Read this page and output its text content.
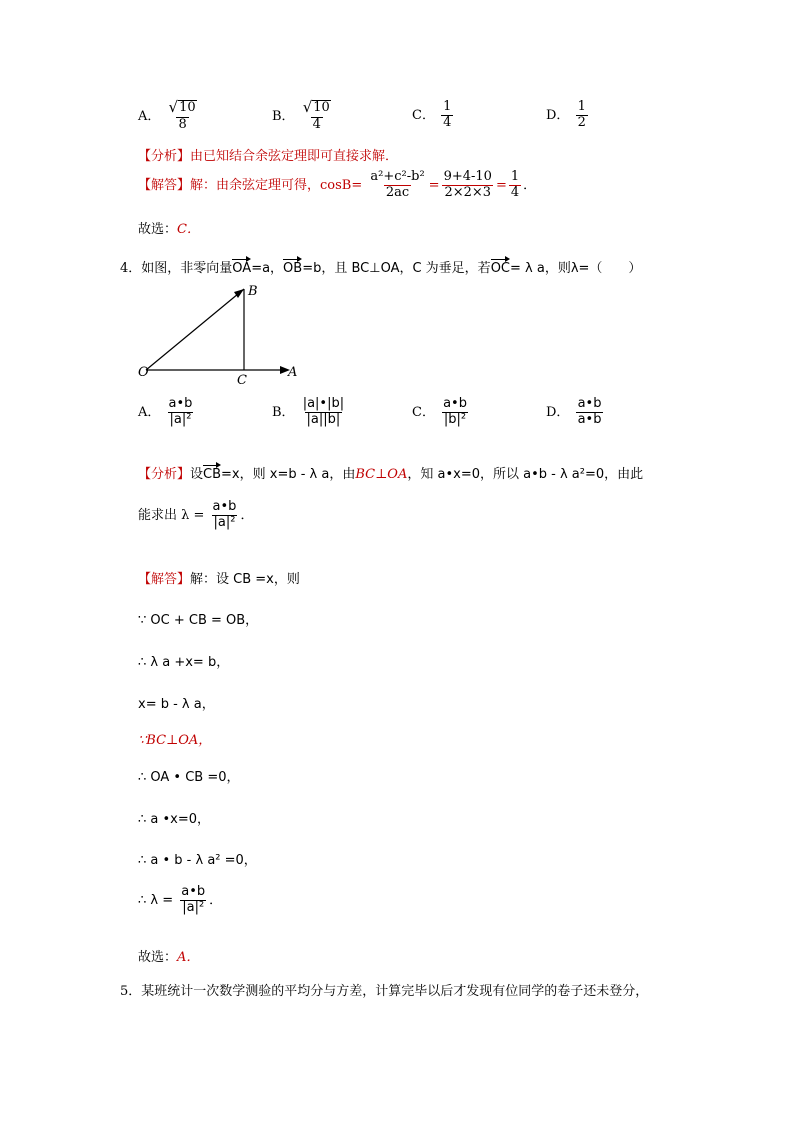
A． $\frac{√ 10}{8}$	B． $\frac{√ 10}{4}$	C． $\frac{1}{4}$	D． $\frac{1}{2}$
【分析】由已知结合余弦定理即可直接求解．
【解答】解：由余弦定理可得，$\cos B= \frac{\text{a²+c²-b²}}{2ac} = \frac{9+4-10}{2\times 2\times 3} = \frac{1}{4}$ ．
故选：C．
4．如图，非零向量OA=a，OB=b，且 BC⊥OA，C 为垂足，若OC= λ a，则λ=（　　）
O	A
B
C
A． $\frac{a•b}{\text{|a|²}}$	B． $\frac{|a|•|b|}{|a||b|}$	C． $\frac{a•b}{\text{|b|²}}$	D． $\frac{a•b}{a•b}$
【分析】设CB=x，则 x=b - λ a，由BC⊥OA，知 a•x=0，所以 a•b - λ a²=0，由此
能求出 $\lambda = \frac{a•b}{\text{|a|²}}$ ．
【解答】解：设 CB =x，则
∵ OC + CB = OB，
∴ λ a +x= b，
x= b - λ a，
∵BC⊥OA，
∴ OA • CB =0，
∴ a •x=0，
∴ a • b - λ a² =0，
∴ $\lambda = \frac{a•b}{\text{|a|²}}$ ．
故选：A．
5．某班统计一次数学测验的平均分与方差，计算完毕以后才发现有位同学的卷子还未登分，
